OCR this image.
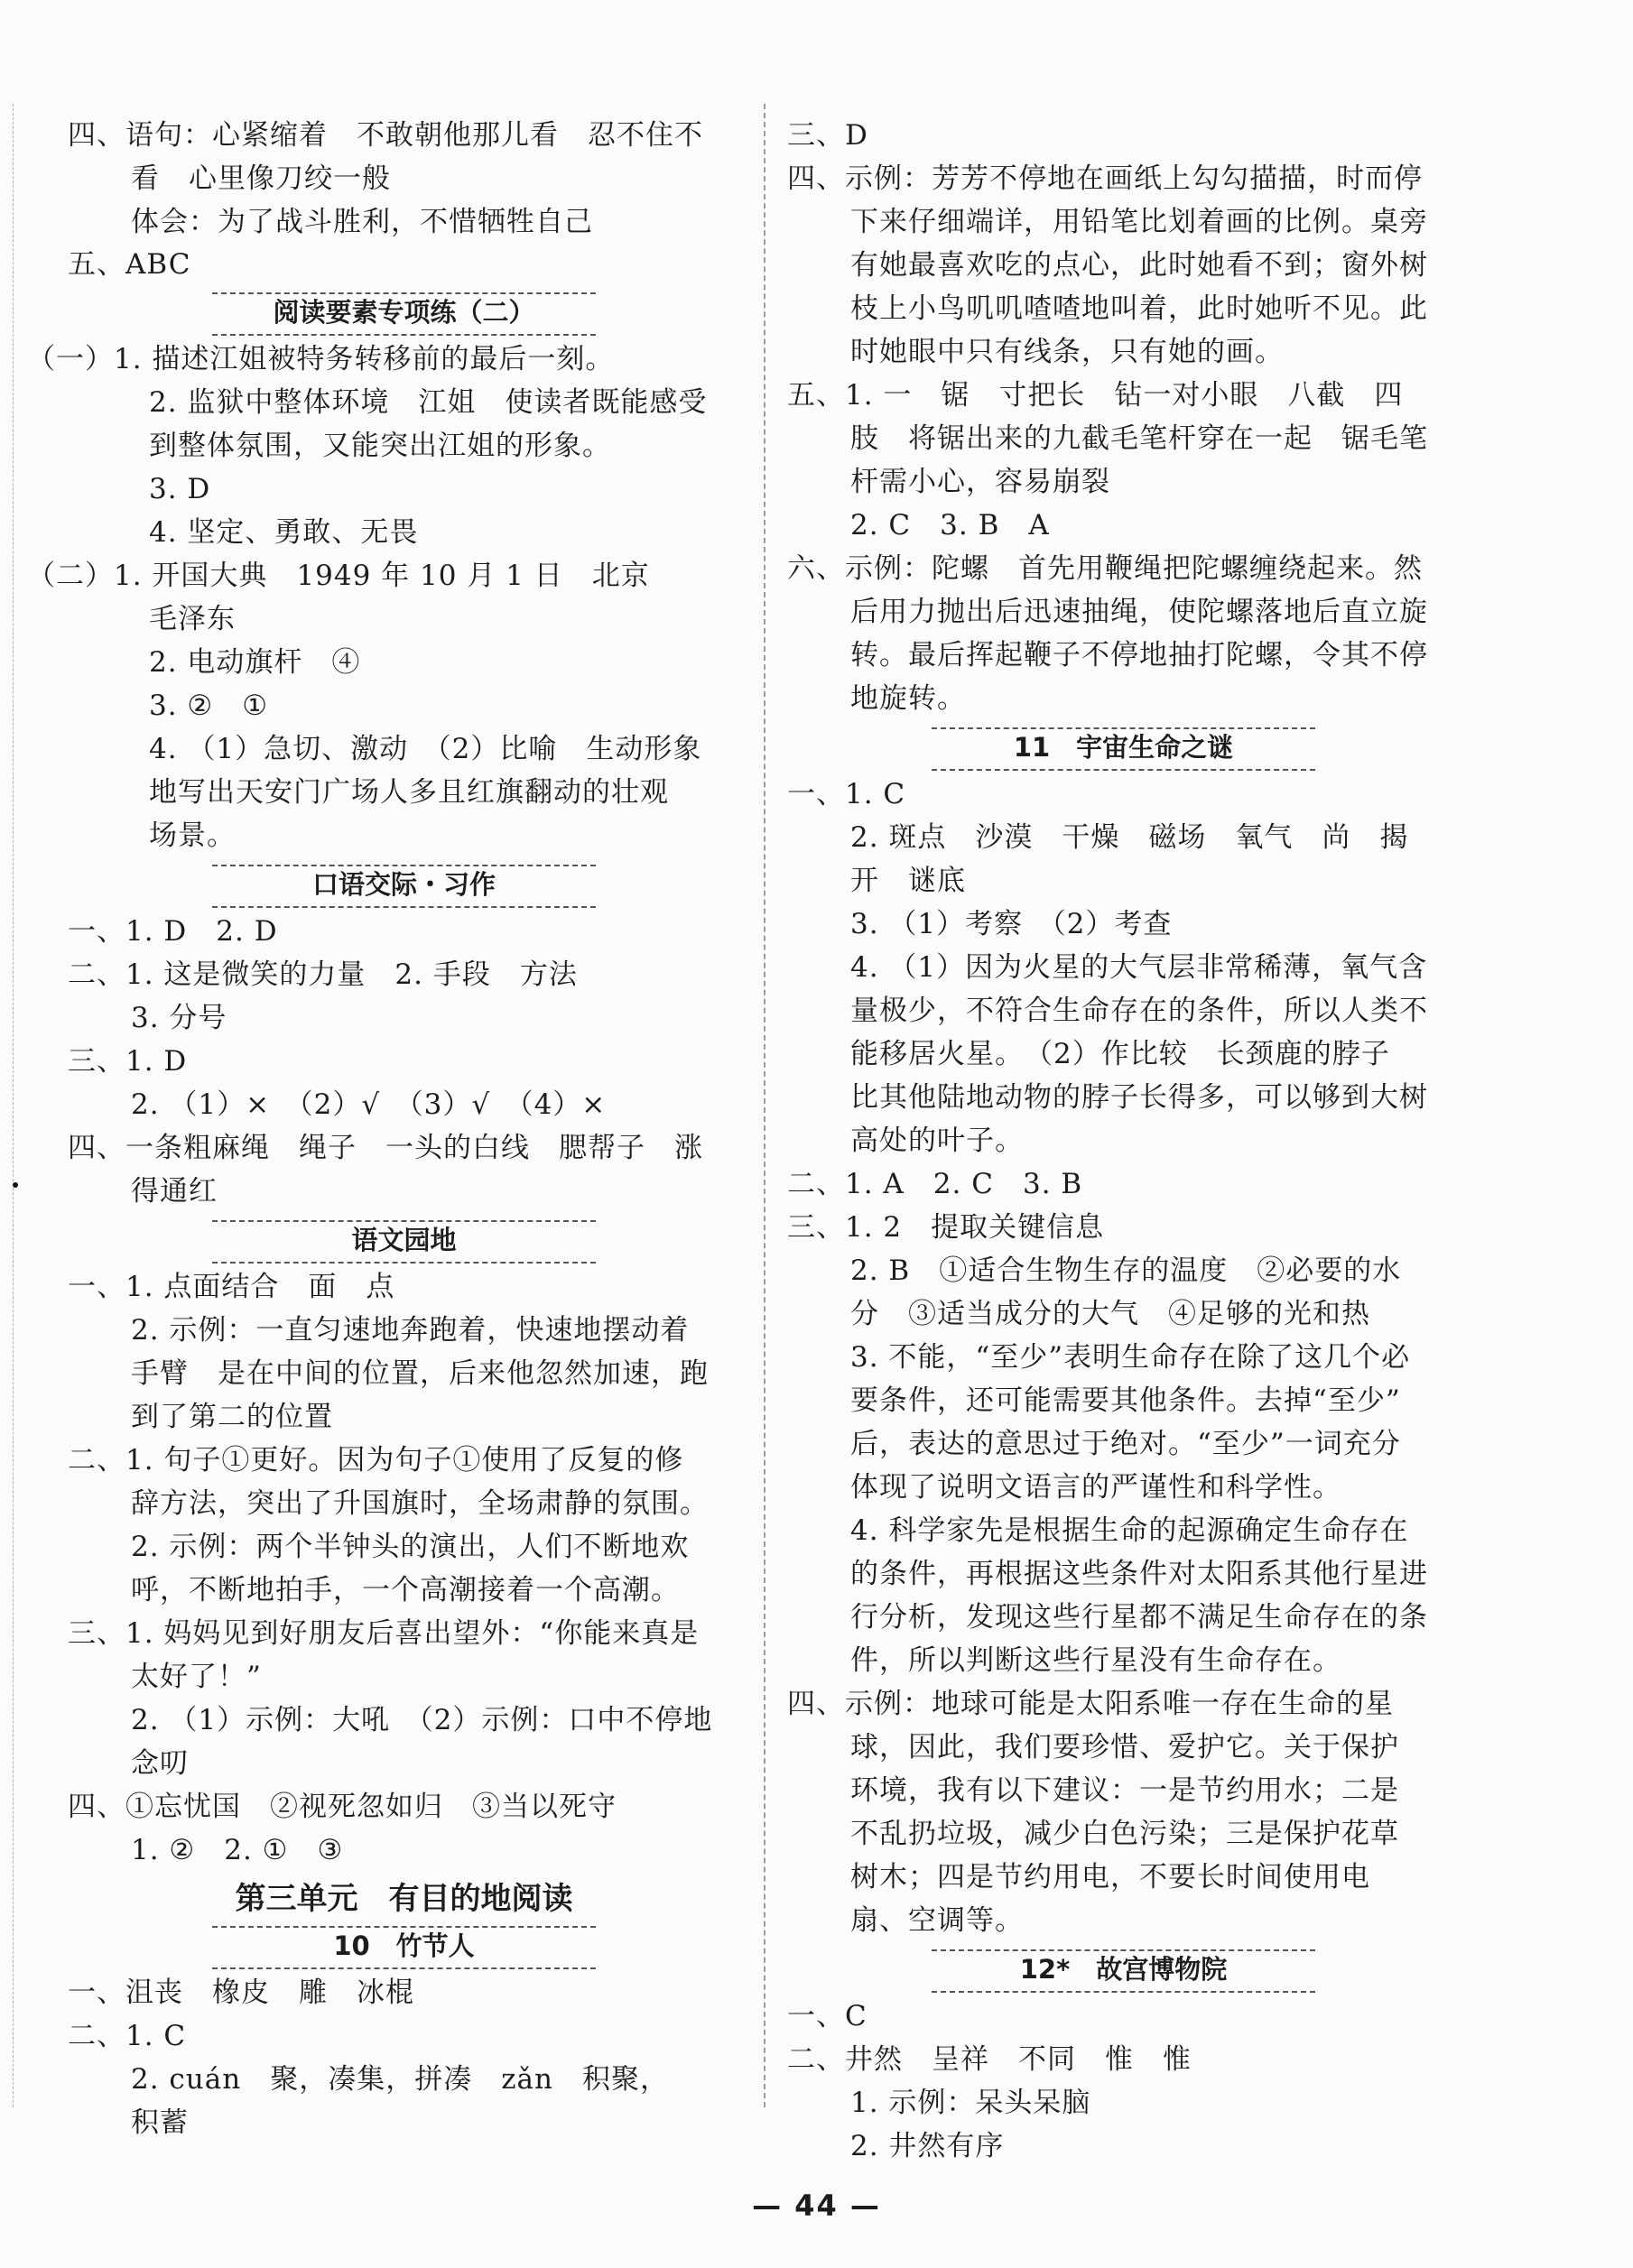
四、语句：心紧缩着　不敢朝他那儿看　忍不住不
看　心里像刀绞一般
体会：为了战斗胜利，不惜牺牲自己
五、ABC
阅读要素专项练（二）
（一）1. 描述江姐被特务转移前的最后一刻。
2. 监狱中整体环境　江姐　使读者既能感受
到整体氛围，又能突出江姐的形象。
3. D
4. 坚定、勇敢、无畏
（二）1. 开国大典　1949 年 10 月 1 日　北京
毛泽东
2. 电动旗杆　④
3. ②　①
4. （1）急切、激动　（2）比喻　生动形象
地写出天安门广场人多且红旗翻动的壮观
场景。
口语交际・习作
一、1. D　2. D
二、1. 这是微笑的力量　2. 手段　方法
3. 分号
三、1. D
2. （1）×　（2）√　（3）√　（4）×
四、一条粗麻绳　绳子　一头的白线　腮帮子　涨
得通红
语文园地
一、1. 点面结合　面　点
2. 示例：一直匀速地奔跑着，快速地摆动着
手臂　是在中间的位置，后来他忽然加速，跑
到了第二的位置
二、1. 句子①更好。因为句子①使用了反复的修
辞方法，突出了升国旗时，全场肃静的氛围。
2. 示例：两个半钟头的演出，人们不断地欢
呼，不断地拍手，一个高潮接着一个高潮。
三、1. 妈妈见到好朋友后喜出望外：“你能来真是
太好了！”
2. （1）示例：大吼　（2）示例：口中不停地
念叨
四、①忘忧国　②视死忽如归　③当以死守
1. ②　2. ①　③
第三单元　有目的地阅读
10　竹节人
一、沮丧　橡皮　雕　冰棍
二、1. C
2. cuán　聚，凑集，拼凑　zǎn　积聚，
积蓄
三、D
四、示例：芳芳不停地在画纸上勾勾描描，时而停
下来仔细端详，用铅笔比划着画的比例。桌旁
有她最喜欢吃的点心，此时她看不到；窗外树
枝上小鸟叽叽喳喳地叫着，此时她听不见。此
时她眼中只有线条，只有她的画。
五、1. 一　锯　寸把长　钻一对小眼　八截　四
肢　将锯出来的九截毛笔杆穿在一起　锯毛笔
杆需小心，容易崩裂
2. C　3. B　A
六、示例：陀螺　首先用鞭绳把陀螺缠绕起来。然
后用力抛出后迅速抽绳，使陀螺落地后直立旋
转。最后挥起鞭子不停地抽打陀螺，令其不停
地旋转。
11　宇宙生命之谜
一、1. C
2. 斑点　沙漠　干燥　磁场　氧气　尚　揭
开　谜底
3. （1）考察　（2）考查
4. （1）因为火星的大气层非常稀薄，氧气含
量极少，不符合生命存在的条件，所以人类不
能移居火星。　（2）作比较　长颈鹿的脖子
比其他陆地动物的脖子长得多，可以够到大树
高处的叶子。
二、1. A　2. C　3. B
三、1. 2　提取关键信息
2. B　①适合生物生存的温度　②必要的水
分　③适当成分的大气　④足够的光和热
3. 不能，“至少”表明生命存在除了这几个必
要条件，还可能需要其他条件。去掉“至少”
后，表达的意思过于绝对。“至少”一词充分
体现了说明文语言的严谨性和科学性。
4. 科学家先是根据生命的起源确定生命存在
的条件，再根据这些条件对太阳系其他行星进
行分析，发现这些行星都不满足生命存在的条
件，所以判断这些行星没有生命存在。
四、示例：地球可能是太阳系唯一存在生命的星
球，因此，我们要珍惜、爱护它。关于保护
环境，我有以下建议：一是节约用水；二是
不乱扔垃圾，减少白色污染；三是保护花草
树木；四是节约用电，不要长时间使用电
扇、空调等。
12*　故宫博物院
一、C
二、井然　呈祥　不同　惟　惟
1. 示例：呆头呆脑
2. 井然有序
— 44 —
